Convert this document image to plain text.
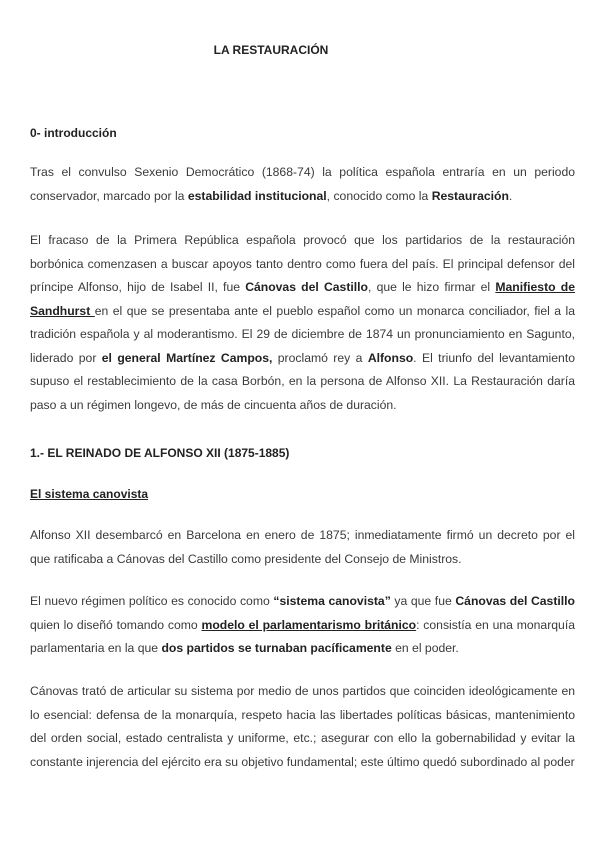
LA RESTAURACIÓN
0- introducción

Tras el convulso Sexenio Democrático (1868-74) la política española entraría en un periodo conservador, marcado por la estabilidad institucional, conocido como la Restauración.

El fracaso de la Primera República española provocó que los partidarios de la restauración borbónica comenzasen a buscar apoyos tanto dentro como fuera del país. El principal defensor del príncipe Alfonso, hijo de Isabel II, fue Cánovas del Castillo, que le hizo firmar el Manifiesto de Sandhurst en el que se presentaba ante el pueblo español como un monarca conciliador, fiel a la tradición española y al moderantismo. El 29 de diciembre de 1874 un pronunciamiento en Sagunto, liderado por el general Martínez Campos, proclamó rey a Alfonso. El triunfo del levantamiento supuso el restablecimiento de la casa Borbón, en la persona de Alfonso XII. La Restauración daría paso a un régimen longevo, de más de cincuenta años de duración.

1.- EL REINADO DE ALFONSO XII (1875-1885)
El sistema canovista

Alfonso XII desembarcó en Barcelona en enero de 1875; inmediatamente firmó un decreto por el que ratificaba a Cánovas del Castillo como presidente del Consejo de Ministros.

El nuevo régimen político es conocido como “sistema canovista” ya que fue Cánovas del Castillo quien lo diseñó tomando como modelo el parlamentarismo británico: consistía en una monarquía parlamentaria en la que dos partidos se turnaban pacíficamente en el poder.

Cánovas trató de articular su sistema por medio de unos partidos que coinciden ideológicamente en lo esencial: defensa de la monarquía, respeto hacia las libertades políticas básicas, mantenimiento del orden social, estado centralista y uniforme, etc.; asegurar con ello la gobernabilidad y evitar la constante injerencia del ejército era su objetivo fundamental; este último quedó subordinado al poder
